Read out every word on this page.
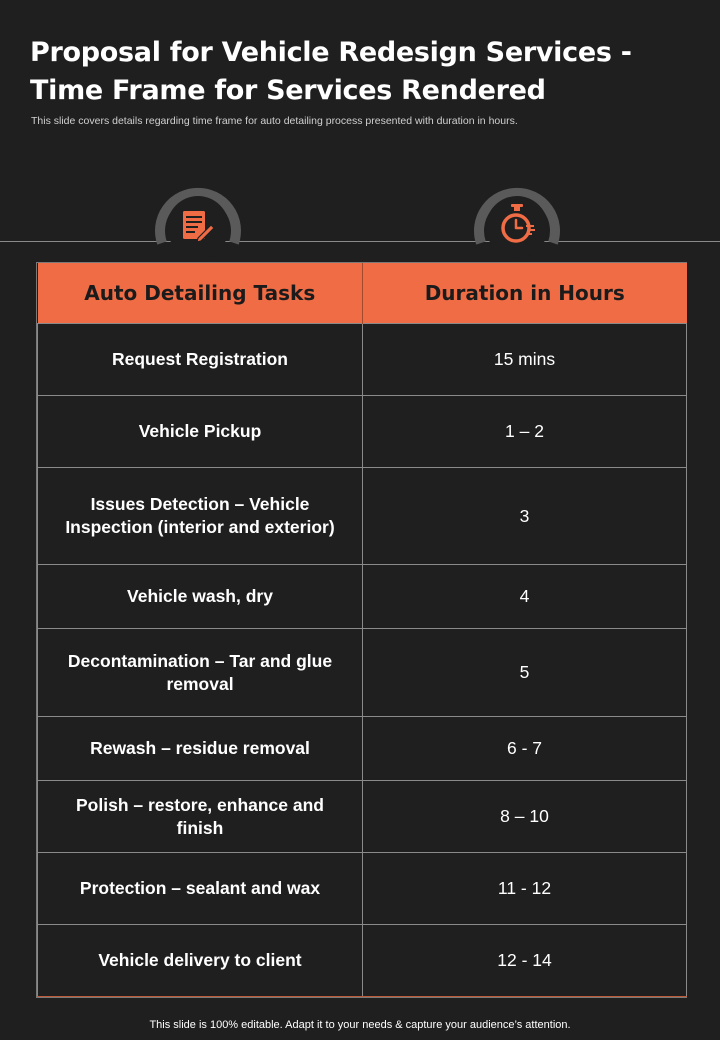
Proposal for Vehicle Redesign Services - Time Frame for Services Rendered
This slide covers details regarding time frame for auto detailing process presented with duration in hours.
Auto Detailing Tasks	Duration in Hours
Request Registration	15 mins
Vehicle Pickup	1 – 2
Issues Detection – Vehicle Inspection (interior and exterior)	3
Vehicle wash, dry	4
Decontamination – Tar and glue removal	5
Rewash – residue removal	6 - 7
Polish – restore, enhance and finish	8 – 10
Protection – sealant and wax	11 - 12
Vehicle delivery to client	12 - 14
This slide is 100% editable. Adapt it to your needs & capture your audience’s attention.
